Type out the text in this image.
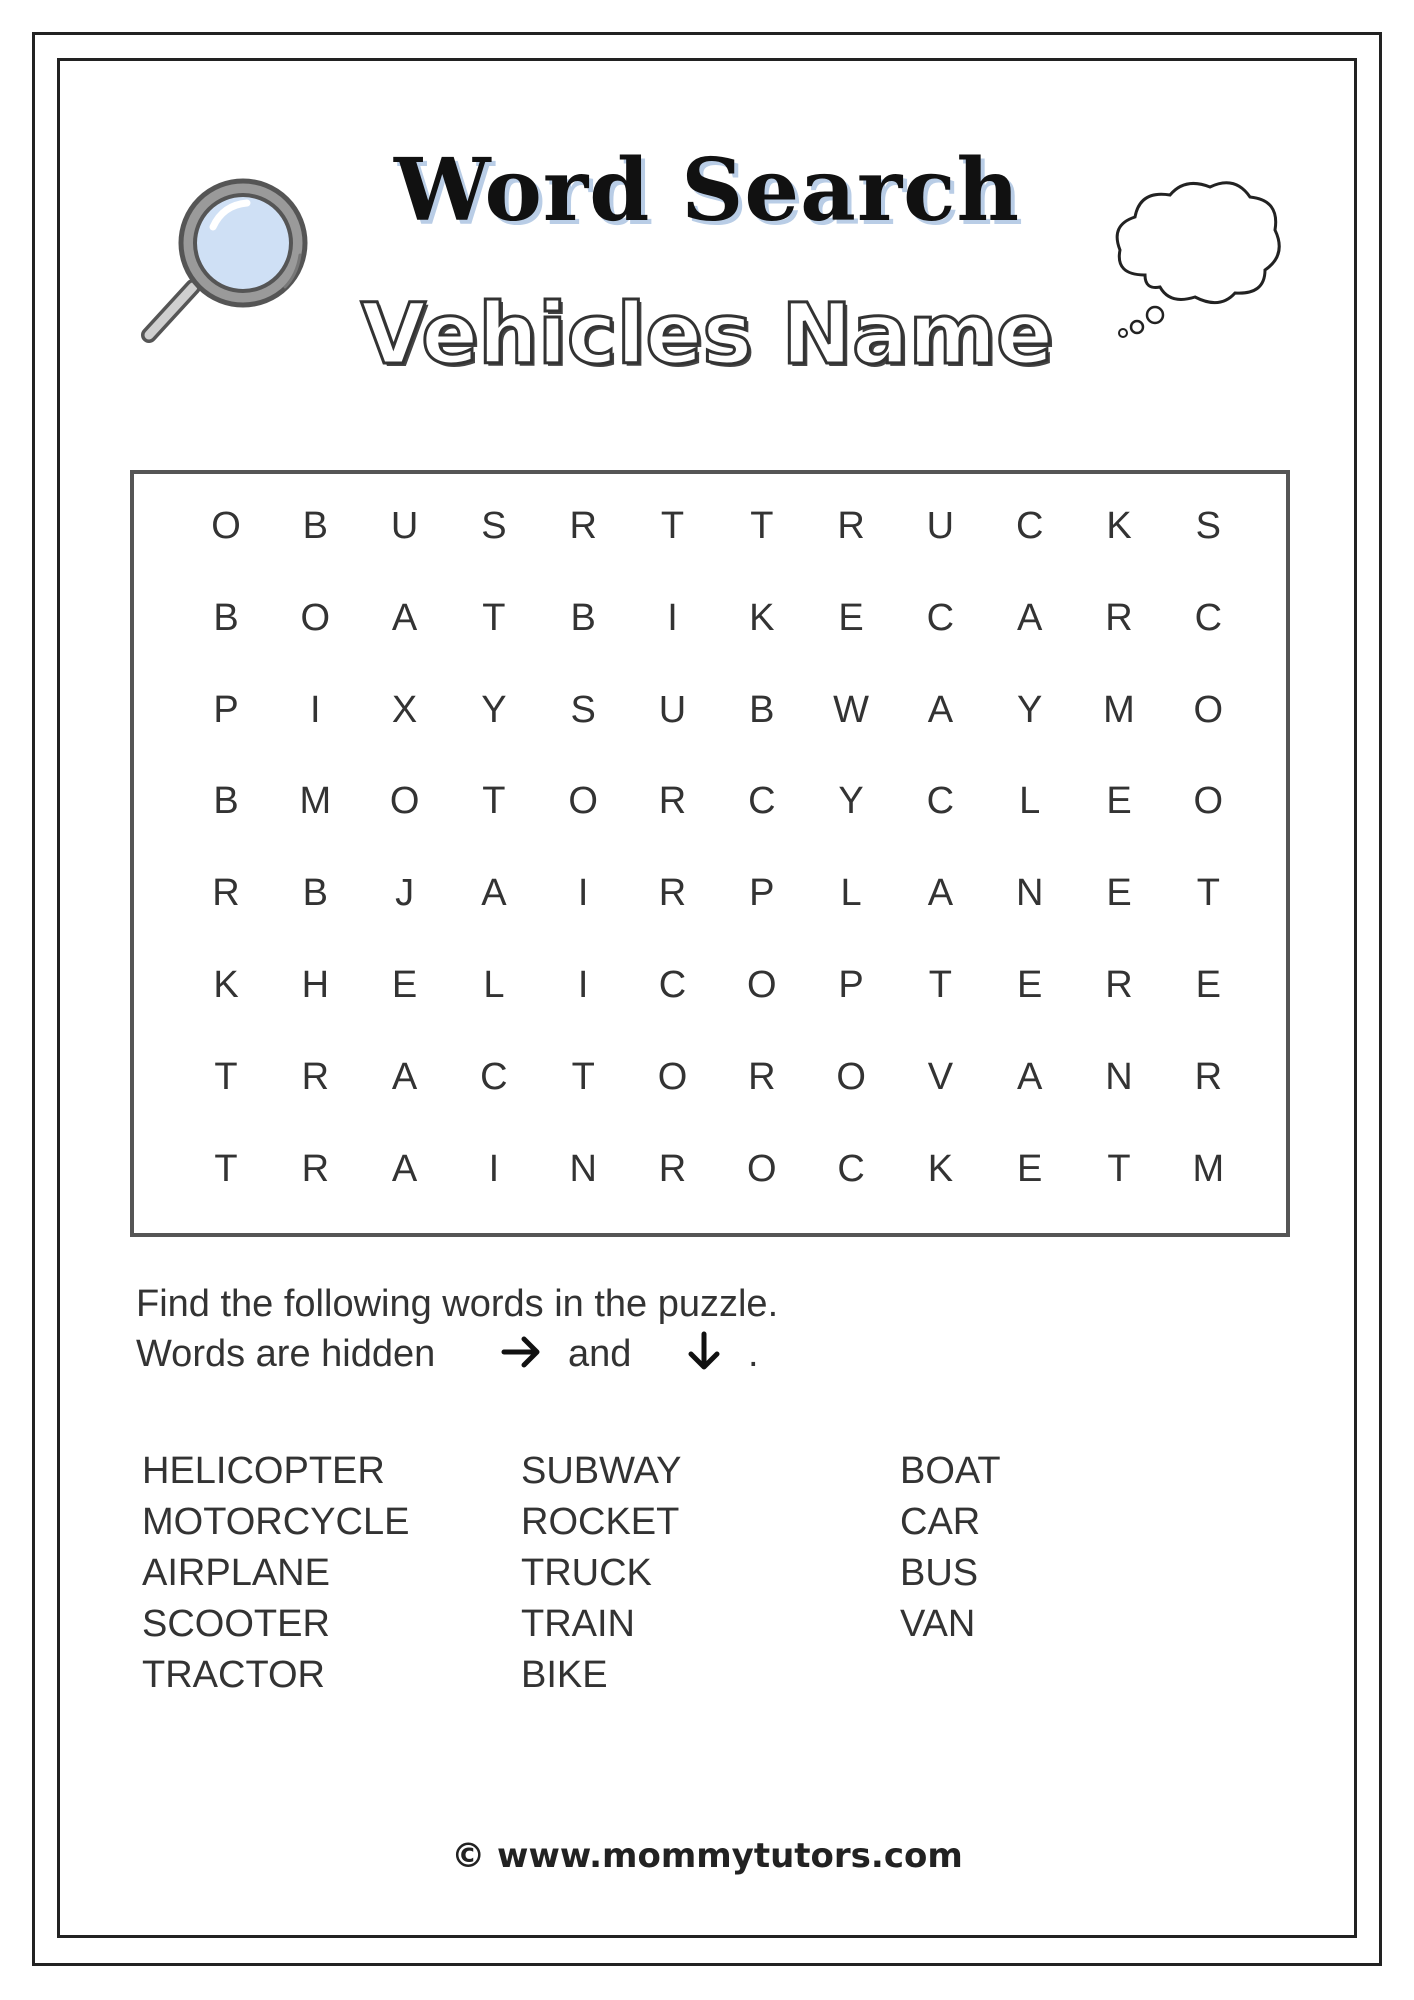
Word Search
Vehicles Name
O	B	U	S	R	T	T	R	U	C	K	S
B	O	A	T	B	I	K	E	C	A	R	C
P	I	X	Y	S	U	B	W	A	Y	M	O
B	M	O	T	O	R	C	Y	C	L	E	O
R	B	J	A	I	R	P	L	A	N	E	T
K	H	E	L	I	C	O	P	T	E	R	E
T	R	A	C	T	O	R	O	V	A	N	R
T	R	A	I	N	R	O	C	K	E	T	M
Find the following words in the puzzle.
Words are hidden	and	.
HELICOPTER
MOTORCYCLE
AIRPLANE
SCOOTER
TRACTOR
SUBWAY
ROCKET
TRUCK
TRAIN
BIKE
BOAT
CAR
BUS
VAN
© www.mommytutors.com
